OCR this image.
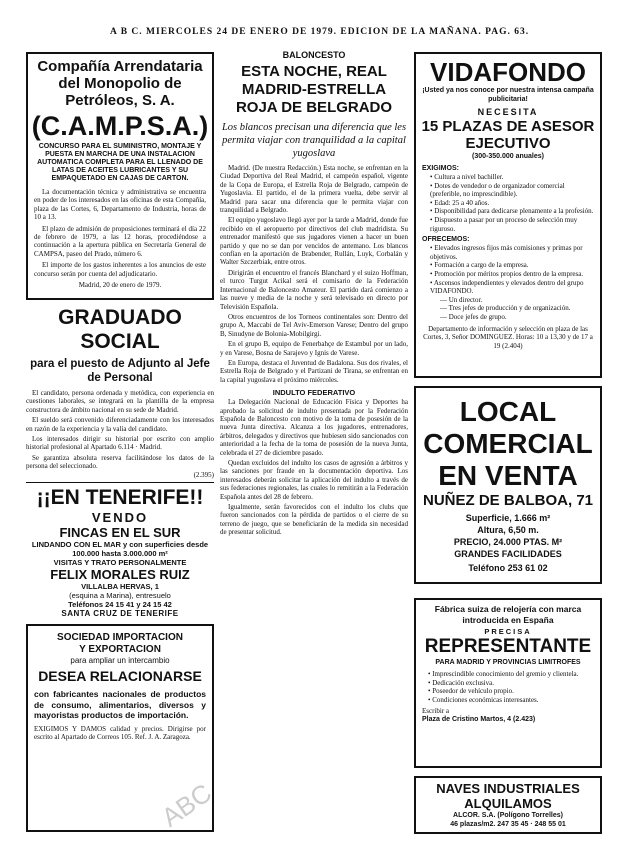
A B C. MIERCOLES 24 DE ENERO DE 1979. EDICION DE LA MAÑANA. PAG. 63.
Compañía Arrendataria del Monopolio de Petróleos, S. A.
(C.A.M.P.S.A.)
CONCURSO PARA EL SUMINISTRO, MONTAJE Y PUESTA EN MARCHA DE UNA INSTALACION AUTOMATICA COMPLETA PARA EL LLENADO DE LATAS DE ACEITES LUBRICANTES Y SU EMPAQUETADO EN CAJAS DE CARTON.
La documentación técnica y administrativa se encuentra en poder de los interesados en las oficinas de esta Compañía, plaza de las Cortes, 6, Departamento de Industria, horas de 10 a 13.
El plazo de admisión de proposiciones terminará el día 22 de febrero de 1979, a las 12 horas, procediéndose a continuación a la apertura pública en Secretaría General de CAMPSA, paseo del Prado, número 6.
El importe de los gastos inherentes a los anuncios de este concurso serán por cuenta del adjudicatario.
Madrid, 20 de enero de 1979.
GRADUADO SOCIAL
para el puesto de Adjunto al Jefe de Personal
El candidato, persona ordenada y metódica, con experiencia en cuestiones laborales, se integrará en la plantilla de la empresa constructora de ámbito nacional en su sede de Madrid.
El sueldo será convenido diferenciadamente con los interesados en razón de la experiencia y la valía del candidato.
Los interesados dirigir su historial por escrito con amplio historial profesional al Apartado 6.114 · Madrid.
Se garantiza absoluta reserva facilitándose los datos de la persona del seleccionado.
(2.395)
¡¡EN TENERIFE!!
VENDO
FINCAS EN EL SUR
LINDANDO CON EL MAR y con superficies desde 100.000 hasta 3.000.000 m²
VISITAS Y TRATO PERSONALMENTE
FELIX MORALES RUIZ
VILLALBA HERVAS, 1
(esquina a Marina), entresuelo
Teléfonos 24 15 41 y 24 15 42
SANTA CRUZ DE TENERIFE
SOCIEDAD IMPORTACION
Y EXPORTACION
para ampliar un intercambio
DESEA RELACIONARSE
con fabricantes nacionales de productos de consumo, alimentarios, diversos y mayoristas productos de importación.
EXIGIMOS Y DAMOS calidad y precios. Dirigirse por escrito al Apartado de Correos 105. Ref. J. A. Zaragoza.
BALONCESTO
ESTA NOCHE, REAL MADRID-ESTRELLA ROJA DE BELGRADO
Los blancos precisan una diferencia que les permita viajar con tranquilidad a la capital yugoslava
Madrid. (De nuestra Redacción.) Esta noche, se enfrentan en la Ciudad Deportiva del Real Madrid, el campeón español, vigente de la Copa de Europa, el Estrella Roja de Belgrado, campeón de Yugoslavia. El partido, el de la primera vuelta, debe servir al Madrid para sacar una diferencia que le permita viajar con tranquilidad a Belgrado.
El equipo yugoslavo llegó ayer por la tarde a Madrid, donde fue recibido en el aeropuerto por directivos del club madridista. Su entrenador manifestó que sus jugadores vienen a hacer un buen partido y que no se dan por vencidos de antemano. Los blancos confían en la aportación de Brabender, Rullán, Luyk, Corbalán y Walter Szczerbiak, entre otros.
Dirigirán el encuentro el francés Blanchard y el suizo Hoffman, el turco Turgut Acikal será el comisario de la Federación Internacional de Baloncesto Amateur. El partido dará comienzo a las nueve y media de la noche y será televisado en directo por Televisión Española.
Otros encuentros de los Torneos continentales son: Dentro del grupo A, Maccabi de Tel Aviv-Emerson Varese; Dentro del grupo B, Sinudyne de Bolonia-Mobilgirgi.
En el grupo B, equipo de Fenerbahçe de Estambul por un lado, y en Varese, Bosna de Sarajevo y Ignis de Varese.
En Europa, destaca el Juventud de Badalona. Sus dos rivales, el Estrella Roja de Belgrado y el Partizani de Tirana, se enfrentan en la capital yugoslava el próximo miércoles.
INDULTO FEDERATIVO
La Delegación Nacional de Educación Física y Deportes ha aprobado la solicitud de indulto presentada por la Federación Española de Baloncesto con motivo de la toma de posesión de la nueva Junta directiva. Alcanza a los jugadores, entrenadores, árbitros, delegados y directivos que hubiesen sido sancionados con anterioridad a la fecha de la toma de posesión de la nueva Junta, celebrada el 27 de diciembre pasado.
Quedan excluidos del indulto los casos de agresión a árbitros y las sanciones por fraude en la documentación deportiva. Los interesados deberán solicitar la aplicación del indulto a través de sus federaciones regionales, las cuales lo remitirán a la Federación Española antes del 28 de febrero.
Igualmente, serán favorecidos con el indulto los clubs que fueron sancionados con la pérdida de partidos o el cierre de su terreno de juego, que se beneficiarán de la medida sin necesidad de presentar solicitud.
VIDAFONDO
¡Usted ya nos conoce por nuestra intensa campaña publicitaria!
NECESITA
15 PLAZAS DE ASESOR EJECUTIVO
(300-350.000 anuales)
EXIGIMOS:
• Cultura a nivel bachiller.
• Dotes de vendedor o de organizador comercial (preferible, no imprescindible).
• Edad: 25 a 40 años.
• Disponibilidad para dedicarse plenamente a la profesión.
• Dispuesto a pasar por un proceso de selección muy riguroso.
OFRECEMOS:
• Elevados ingresos fijos más comisiones y primas por objetivos.
• Formación a cargo de la empresa.
• Promoción por méritos propios dentro de la empresa.
• Ascensos independientes y elevados dentro del grupo VIDAFONDO.
— Un director.
— Tres jefes de producción y de organización.
— Doce jefes de grupo.
Departamento de información y selección en plaza de las Cortes, 3, Señor DOMINGUEZ. Horas: 10 a 13,30 y de 17 a 19 (2.404)
LOCAL
COMERCIAL
EN VENTA
NUÑEZ DE BALBOA, 71
Superficie, 1.666 m²
Altura, 6,50 m.
PRECIO, 24.000 PTAS. M²
GRANDES FACILIDADES
Teléfono 253 61 02
Fábrica suiza de relojería con marca introducida en España
PRECISA
REPRESENTANTE
PARA MADRID Y PROVINCIAS LIMITROFES
• Imprescindible conocimiento del gremio y clientela.
• Dedicación exclusiva.
• Poseedor de vehículo propio.
• Condiciones económicas interesantes.
Escribir a
Plaza de Cristino Martos, 4 (2.423)
NAVES INDUSTRIALES
ALQUILAMOS
ALCOR. S.A. (Polígono Torrelles)
46 plazas/m2. 247 35 45 · 248 55 01
ABC
